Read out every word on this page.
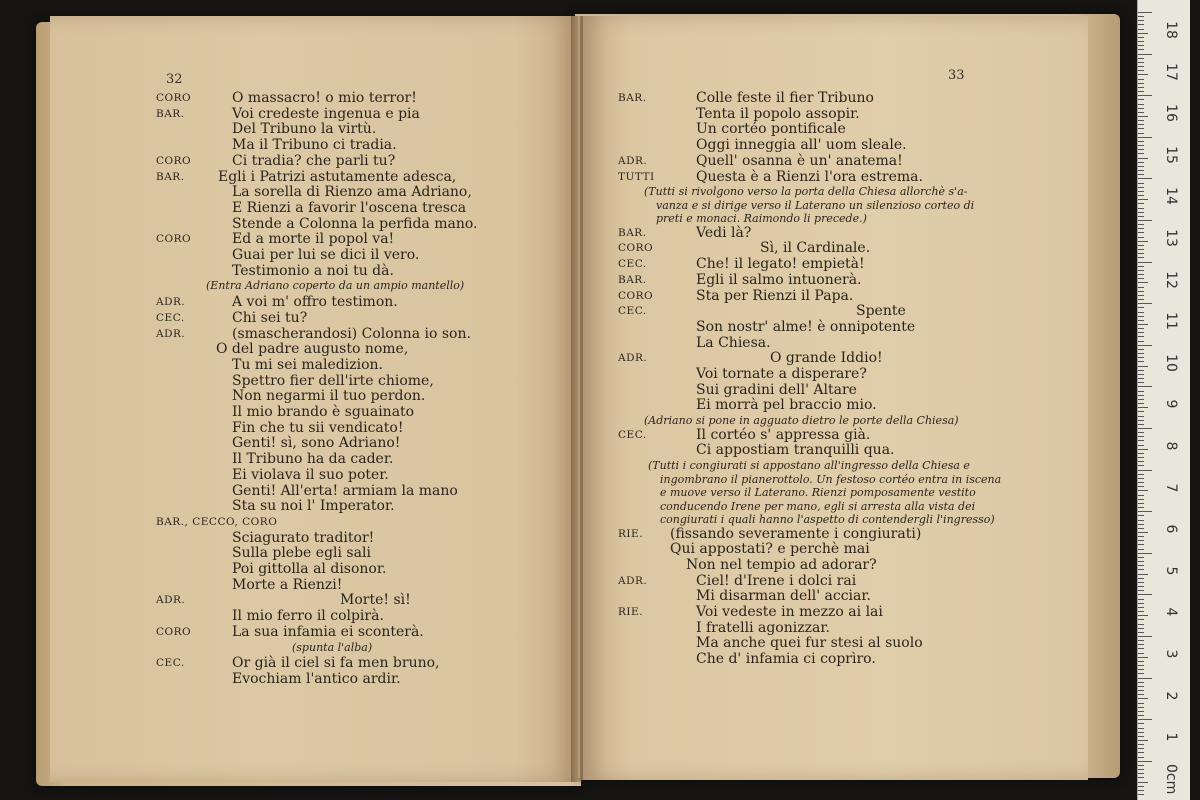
32
CORO	O massacro! o mio terror!
BAR.	Voi credeste ingenua e pia
Del Tribuno la virtù.
Ma il Tribuno ci tradia.
CORO	Ci tradia? che parli tu?
BAR. Egli i Patrizi astutamente adesca,
La sorella di Rienzo ama Adriano,
E Rienzi a favorir l'oscena tresca
Stende a Colonna la perfida mano.
CORO	Ed a morte il popol va!
Guai per lui se dici il vero.
Testimonio a noi tu dà.
(Entra Adriano coperto da un ampio mantello)
ADR.	A voi m' offro testimon.
CEC.	Chi sei tu?
ADR.	(smascherandosi) Colonna io son.
O del padre augusto nome,
Tu mi sei maledizion.
Spettro fier dell'irte chiome,
Non negarmi il tuo perdon.
Il mio brando è sguainato
Fin che tu sii vendicato!
Genti! sì, sono Adriano!
Il Tribuno ha da cader.
Ei violava il suo poter.
Genti! All'erta! armiam la mano
Sta su noi l' Imperator.
BAR., CECCO, CORO
Sciagurato traditor!
Sulla plebe egli sali
Poi gittolla al disonor.
Morte a Rienzi!
ADR.	Morte! sì!
Il mio ferro il colpirà.
CORO	La sua infamia ei sconterà.
(spunta l'alba)
CEC.	Or già il ciel si fa men bruno,
Evochiam l'antico ardir.
33
BAR.	Colle feste il fier Tribuno
Tenta il popolo assopir.
Un cortéo pontificale
Oggi inneggia all' uom sleale.
ADR.	Quell' osanna è un' anatema!
TUTTI	Questa è a Rienzi l'ora estrema.
(Tutti si rivolgono verso la porta della Chiesa allorchè s'a-
vanza e si dirige verso il Laterano un silenzioso corteo di
preti e monaci. Raimondo li precede.)
BAR.	Vedi là?
CORO	Sì, il Cardinale.
CEC.	Che! il legato! empietà!
BAR.	Egli il salmo intuonerà.
CORO	Sta per Rienzi il Papa.
CEC.	Spente
Son nostr' alme! è onnipotente
La Chiesa.
ADR.	O grande Iddio!
Voi tornate a disperare?
Sui gradini dell' Altare
Ei morrà pel braccio mio.
(Adriano si pone in agguato dietro le porte della Chiesa)
CEC.	Il cortéo s' appressa già.
Ci appostiam tranquilli qua.
(Tutti i congiurati si appostano all'ingresso della Chiesa e
ingombrano il pianerottolo. Un festoso cortéo entra in iscena
e muove verso il Laterano. Rienzi pomposamente vestito
conducendo Irene per mano, egli si arresta alla vista dei
congiurati i quali hanno l'aspetto di contendergli l'ingresso)
RIE. (fissando severamente i congiurati)
Qui appostati? e perchè mai
Non nel tempio ad adorar?
ADR.	Ciel! d'Irene i dolci rai
Mi disarman dell' acciar.
RIE.	Voi vedeste in mezzo ai lai
I fratelli agonizzar.
Ma anche quei fur stesi al suolo
Che d' infamia ci coprìro.
18
17
16
15
14
13
12
11
10
9
8
7
6
5
4
3
2
1
0cm
